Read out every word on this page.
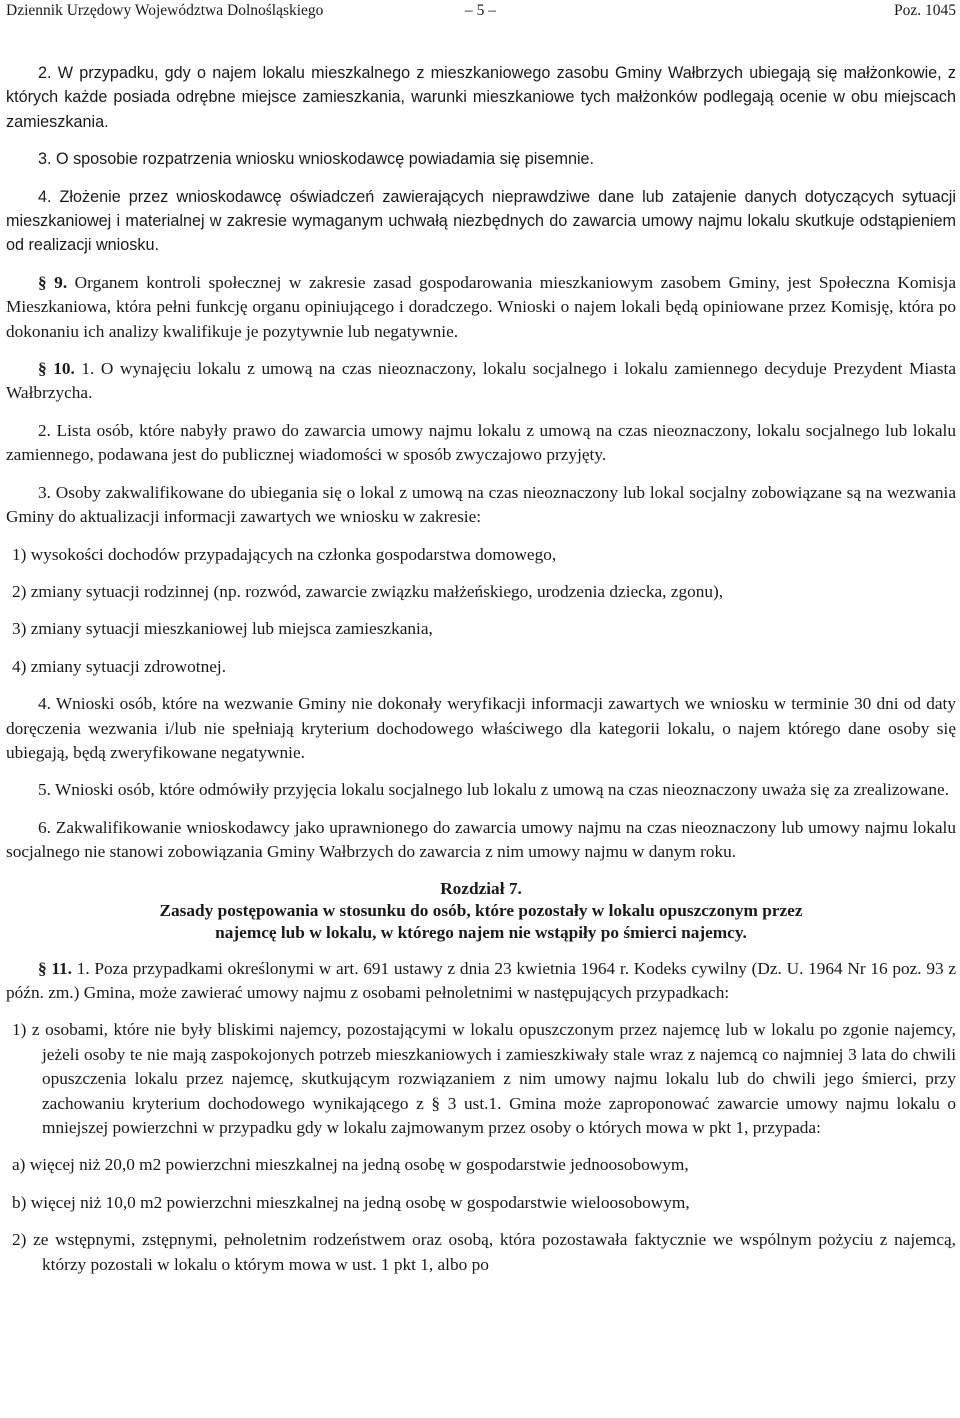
Dziennik Urzędowy Województwa Dolnośląskiego	– 5 –	Poz. 1045

2. W przypadku, gdy o najem lokalu mieszkalnego z mieszkaniowego zasobu Gminy Wałbrzych ubiegają się małżonkowie, z których każde posiada odrębne miejsce zamieszkania, warunki mieszkaniowe tych małżonków podlegają ocenie w obu miejscach zamieszkania.

3. O sposobie rozpatrzenia wniosku wnioskodawcę powiadamia się pisemnie.

4. Złożenie przez wnioskodawcę oświadczeń zawierających nieprawdziwe dane lub zatajenie danych dotyczących sytuacji mieszkaniowej i materialnej w zakresie wymaganym uchwałą niezbędnych do zawarcia umowy najmu lokalu skutkuje odstąpieniem od realizacji wniosku.

§ 9. Organem kontroli społecznej w zakresie zasad gospodarowania mieszkaniowym zasobem Gminy, jest Społeczna Komisja Mieszkaniowa, która pełni funkcję organu opiniującego i doradczego. Wnioski o najem lokali będą opiniowane przez Komisję, która po dokonaniu ich analizy kwalifikuje je pozytywnie lub negatywnie.

§ 10. 1. O wynajęciu lokalu z umową na czas nieoznaczony, lokalu socjalnego i lokalu zamiennego decyduje Prezydent Miasta Wałbrzycha.

2. Lista osób, które nabyły prawo do zawarcia umowy najmu lokalu z umową na czas nieoznaczony, lokalu socjalnego lub lokalu zamiennego, podawana jest do publicznej wiadomości w sposób zwyczajowo przyjęty.

3. Osoby zakwalifikowane do ubiegania się o lokal z umową na czas nieoznaczony lub lokal socjalny zobowiązane są na wezwania Gminy do aktualizacji informacji zawartych we wniosku w zakresie:

1) wysokości dochodów przypadających na członka gospodarstwa domowego,

2) zmiany sytuacji rodzinnej (np. rozwód, zawarcie związku małżeńskiego, urodzenia dziecka, zgonu),

3) zmiany sytuacji mieszkaniowej lub miejsca zamieszkania,

4) zmiany sytuacji zdrowotnej.

4. Wnioski osób, które na wezwanie Gminy nie dokonały weryfikacji informacji zawartych we wniosku w terminie 30 dni od daty doręczenia wezwania i/lub nie spełniają kryterium dochodowego właściwego dla kategorii lokalu, o najem którego dane osoby się ubiegają, będą zweryfikowane negatywnie.

5. Wnioski osób, które odmówiły przyjęcia lokalu socjalnego lub lokalu z umową na czas nieoznaczony uważa się za zrealizowane.

6. Zakwalifikowanie wnioskodawcy jako uprawnionego do zawarcia umowy najmu na czas nieoznaczony lub umowy najmu lokalu socjalnego nie stanowi zobowiązania Gminy Wałbrzych do zawarcia z nim umowy najmu w danym roku.

Rozdział 7.
Zasady postępowania w stosunku do osób, które pozostały w lokalu opuszczonym przez
najemcę lub w lokalu, w którego najem nie wstąpiły po śmierci najemcy.

§ 11. 1. Poza przypadkami określonymi w art. 691 ustawy z dnia 23 kwietnia 1964 r. Kodeks cywilny (Dz. U. 1964 Nr 16 poz. 93 z późn. zm.) Gmina, może zawierać umowy najmu z osobami pełnoletnimi w następujących przypadkach:

1) z osobami, które nie były bliskimi najemcy, pozostającymi w lokalu opuszczonym przez najemcę lub w lokalu po zgonie najemcy, jeżeli osoby te nie mają zaspokojonych potrzeb mieszkaniowych i zamieszkiwały stale wraz z najemcą co najmniej 3 lata do chwili opuszczenia lokalu przez najemcę, skutkującym rozwiązaniem z nim umowy najmu lokalu lub do chwili jego śmierci, przy zachowaniu kryterium dochodowego wynikającego z § 3 ust.1. Gmina może zaproponować zawarcie umowy najmu lokalu o mniejszej powierzchni w przypadku gdy w lokalu zajmowanym przez osoby o których mowa w pkt 1, przypada:

a) więcej niż 20,0 m2 powierzchni mieszkalnej na jedną osobę w gospodarstwie jednoosobowym,

b) więcej niż 10,0 m2 powierzchni mieszkalnej na jedną osobę w gospodarstwie wieloosobowym,

2) ze wstępnymi, zstępnymi, pełnoletnim rodzeństwem oraz osobą, która pozostawała faktycznie we wspólnym pożyciu z najemcą, którzy pozostali w lokalu o którym mowa w ust. 1 pkt 1, albo po
